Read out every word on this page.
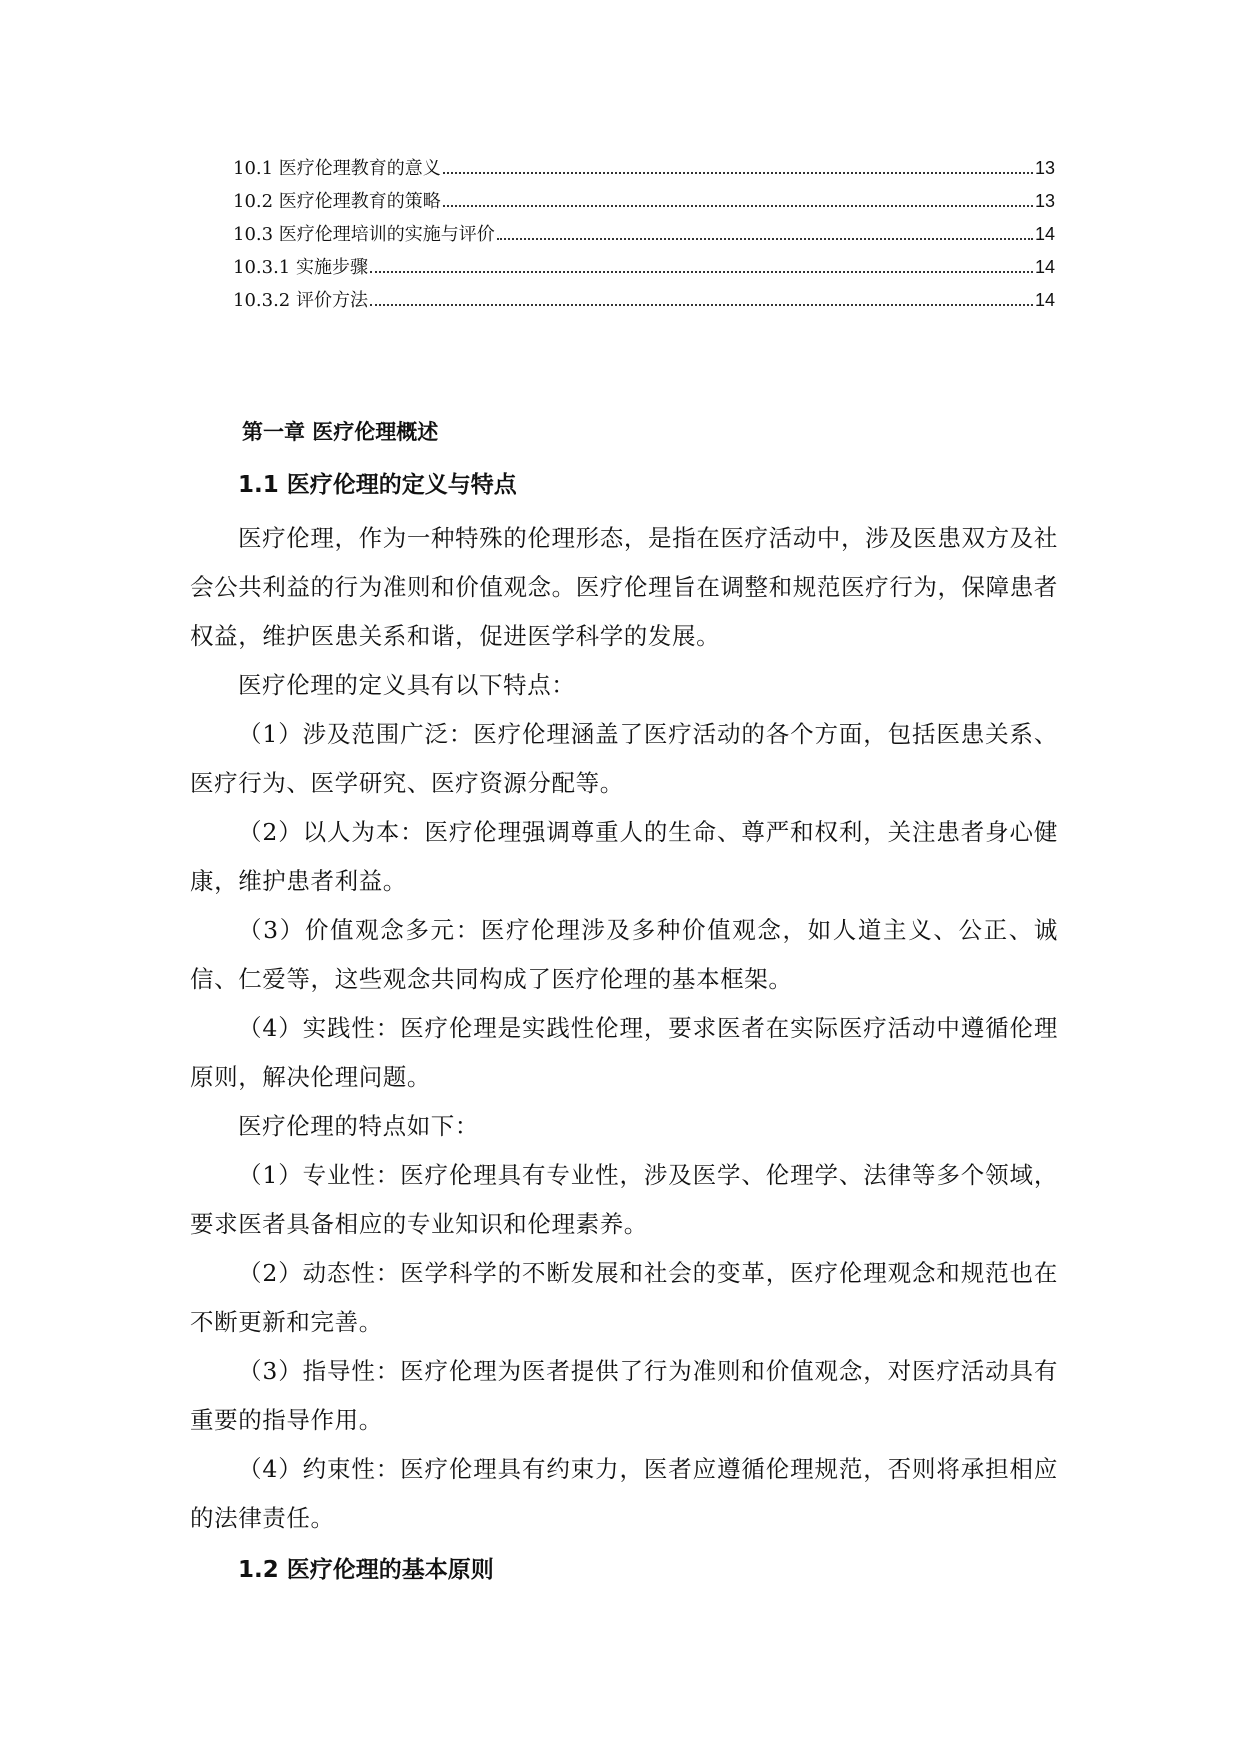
10.1 医疗伦理教育的意义	13
10.2 医疗伦理教育的策略	13
10.3 医疗伦理培训的实施与评价	14
10.3.1 实施步骤	14
10.3.2 评价方法	14
第一章 医疗伦理概述
1.1 医疗伦理的定义与特点

医疗伦理，作为一种特殊的伦理形态，是指在医疗活动中，涉及医患双方及社会公共利益的行为准则和价值观念。医疗伦理旨在调整和规范医疗行为，保障患者权益，维护医患关系和谐，促进医学科学的发展。

医疗伦理的定义具有以下特点：

（1）涉及范围广泛：医疗伦理涵盖了医疗活动的各个方面，包括医患关系、医疗行为、医学研究、医疗资源分配等。

（2）以人为本：医疗伦理强调尊重人的生命、尊严和权利，关注患者身心健康，维护患者利益。

（3）价值观念多元：医疗伦理涉及多种价值观念，如人道主义、公正、诚信、仁爱等，这些观念共同构成了医疗伦理的基本框架。

（4）实践性：医疗伦理是实践性伦理，要求医者在实际医疗活动中遵循伦理原则，解决伦理问题。

医疗伦理的特点如下：

（1）专业性：医疗伦理具有专业性，涉及医学、伦理学、法律等多个领域，要求医者具备相应的专业知识和伦理素养。

（2）动态性：医学科学的不断发展和社会的变革，医疗伦理观念和规范也在不断更新和完善。

（3）指导性：医疗伦理为医者提供了行为准则和价值观念，对医疗活动具有重要的指导作用。

（4）约束性：医疗伦理具有约束力，医者应遵循伦理规范，否则将承担相应的法律责任。

1.2 医疗伦理的基本原则
